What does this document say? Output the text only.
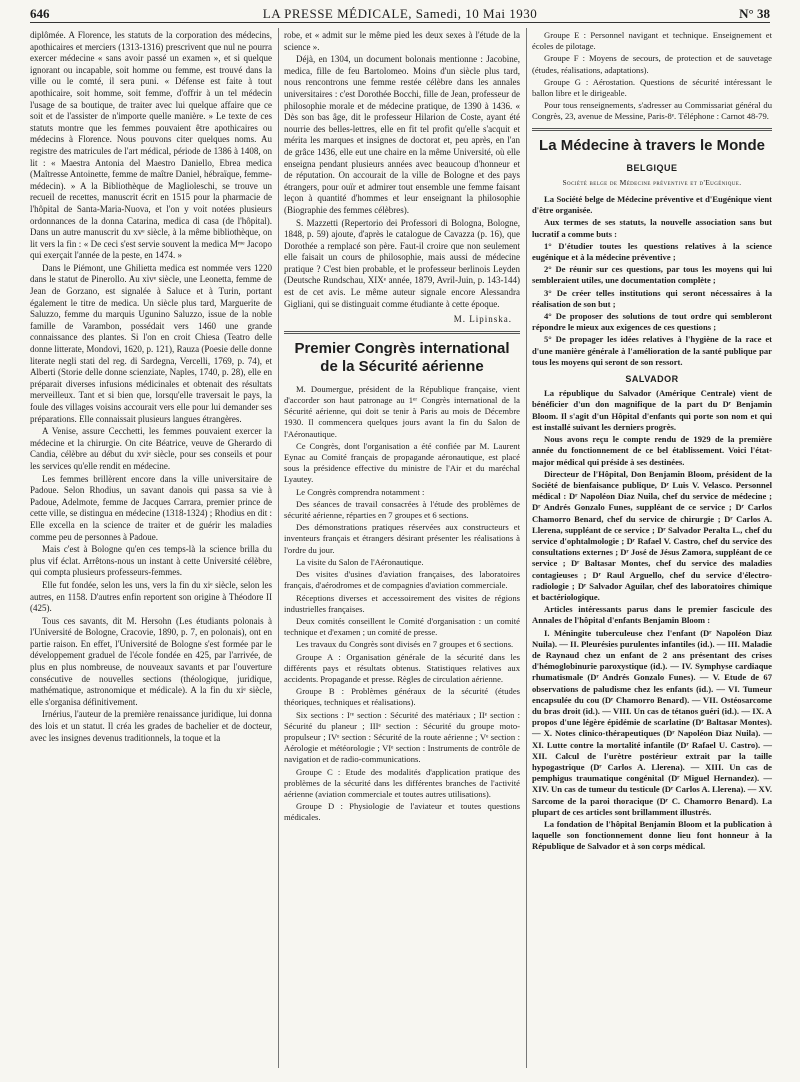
646	LA PRESSE MÉDICALE, Samedi, 10 Mai 1930	N° 38

diplômée. A Florence, les statuts de la corporation des médecins, apothicaires et merciers (1313-1316) prescrivent que nul ne pourra exercer médecine « sans avoir passé un examen », et si quelque ignorant ou incapable, soit homme ou femme, est trouvé dans la ville ou le comté, il sera puni. « Défense est faite à tout apothicaire, soit homme, soit femme, d'offrir à un tel médecin l'usage de sa boutique, de traiter avec lui quelque affaire que ce soit et de l'assister de n'importe quelle manière. » Le texte de ces statuts montre que les femmes pouvaient être apothicaires ou médecins à Florence. Nous pouvons citer quelques noms. Au registre des matricules de l'art médical, période de 1386 à 1408, on lit : « Maestra Antonia del Maestro Daniello, Ebrea medica (Maîtresse Antoinette, femme de maître Daniel, hébraïque, femme-médecin). » A la Bibliothèque de Maglioleschi, se trouve un recueil de recettes, manuscrit écrit en 1515 pour la pharmacie de l'hôpital de Santa-Maria-Nuova, et l'on y voit notées plusieurs ordonnances de la donna Catarina, medica di casa (de l'hôpital). Dans un autre manuscrit du xvᵉ siècle, à la même bibliothèque, on lit vers la fin : « De ceci s'est servie souvent la medica Mᵐᵉ Jacopo qui exerçait l'année de la peste, en 1474. »

Dans le Piémont, une Ghilietta medica est nommée vers 1220 dans le statut de Pinerollo. Au xivᵉ siècle, une Leonetta, femme de Jean de Gorzano, est signalée à Saluce et à Turin, portant également le titre de medica. Un siècle plus tard, Marguerite de Saluzzo, femme du marquis Ugunino Saluzzo, issue de la noble famille de Varambon, possédait vers 1460 une grande connaissance des plantes. Si l'on en croit Chiesa (Teatro delle donne litterate, Mondovi, 1620, p. 121), Rauza (Poesie delle donne literate negli stati del reg. di Sardegna, Vercelli, 1769, p. 74), et Alberti (Storie delle donne scienziate, Naples, 1740, p. 28), elle en préparait diverses infusions médicinales et obtenait des résultats merveilleux. Tant et si bien que, lorsqu'elle traversait le pays, la foule des villages voisins accourait vers elle pour lui demander ses préparations. Elle connaissait plusieurs langues étrangères.

A Venise, assure Cecchetti, les femmes pouvaient exercer la médecine et la chirurgie. On cite Béatrice, veuve de Gherardo di Candia, célèbre au début du xviᵉ siècle, pour ses conseils et pour les services qu'elle rendit en médecine.

Les femmes brillèrent encore dans la ville universitaire de Padoue. Selon Rhodius, un savant danois qui passa sa vie à Padoue, Adelmote, femme de Jacques Carrara, premier prince de cette ville, se distingua en médecine (1318-1324) ; Rhodius en dit : Elle excella en la science de traiter et de guérir les maladies comme peu de personnes à Padoue.

Mais c'est à Bologne qu'en ces temps-là la science brilla du plus vif éclat. Arrêtons-nous un instant à cette Université célèbre, qui compta plusieurs professeurs-femmes.

Elle fut fondée, selon les uns, vers la fin du xiᵉ siècle, selon les autres, en 1158. D'autres enfin reportent son origine à Théodore II (425).

Tous ces savants, dit M. Hersohn (Les étudiants polonais à l'Université de Bologne, Cracovie, 1890, p. 7, en polonais), ont en partie raison. En effet, l'Université de Bologne s'est formée par le développement graduel de l'école fondée en 425, par l'arrivée, de plus en plus nombreuse, de nouveaux savants et par l'ouverture consécutive de nouvelles sections (théologique, juridique, mathématique, astronomique et médicale). A la fin du xiᵉ siècle, elle s'organisa définitivement.

Irnérius, l'auteur de la première renaissance juridique, lui donna des lois et un statut. Il créa les grades de bachelier et de docteur, avec les insignes devenus traditionnels, la toque et la

robe, et « admit sur le même pied les deux sexes à l'étude de la science ».

Déjà, en 1304, un document bolonais mentionne : Jacobine, medica, fille de feu Bartolomeo. Moins d'un siècle plus tard, nous rencontrons une femme restée célèbre dans les annales universitaires : c'est Dorothée Bocchi, fille de Jean, professeur de philosophie morale et de médecine pratique, de 1390 à 1436. « Dès son bas âge, dit le professeur Hilarion de Coste, ayant été nourrie des belles-lettres, elle en fit tel profit qu'elle s'acquit et mérita les marques et insignes de doctorat et, peu après, en l'an de grâce 1436, elle eut une chaire en la même Université, où elle enseigna pendant plusieurs années avec beaucoup d'honneur et de réputation. On accourait de la ville de Bologne et des pays étrangers, pour ouïr et admirer tout ensemble une femme faisant leçon à quantité d'hommes et leur enseignant la philosophie (Biographie des femmes célèbres).

S. Mazzetti (Repertorio dei Professori di Bologna, Bologne, 1848, p. 59) ajoute, d'après le catalogue de Cavazza (p. 16), que Dorothée a remplacé son père. Faut-il croire que non seulement elle faisait un cours de philosophie, mais aussi de médecine pratique ? C'est bien probable, et le professeur berlinois Leyden (Deutsche Rundschau, XIXᵉ année, 1879, Avril-Juin, p. 143-144) est de cet avis. Le même auteur signale encore Alessandra Gigliani, qui se distinguait comme étudiante à cette époque.

M. Lipinska.
Premier Congrès international de la Sécurité aérienne

M. Doumergue, président de la République française, vient d'accorder son haut patronage au 1ᵉʳ Congrès international de la Sécurité aérienne, qui doit se tenir à Paris au mois de Décembre 1930. Il commencera quelques jours avant la fin du Salon de l'Aéronautique.

Ce Congrès, dont l'organisation a été confiée par M. Laurent Eynac au Comité français de propagande aéronautique, est placé sous la présidence effective du ministre de l'Air et du maréchal Lyautey.

Le Congrès comprendra notamment :

Des séances de travail consacrées à l'étude des problèmes de sécurité aérienne, réparties en 7 groupes et 6 sections.

Des démonstrations pratiques réservées aux constructeurs et inventeurs français et étrangers désirant présenter les réalisations à l'ordre du jour.

La visite du Salon de l'Aéronautique.

Des visites d'usines d'aviation françaises, des laboratoires français, d'aérodromes et de compagnies d'aviation commerciale.

Réceptions diverses et accessoirement des visites de régions industrielles françaises.

Deux comités conseillent le Comité d'organisation : un comité technique et d'examen ; un comité de presse.

Les travaux du Congrès sont divisés en 7 groupes et 6 sections.

Groupe A : Organisation générale de la sécurité dans les différents pays et résultats obtenus. Statistiques relatives aux accidents. Propagande et presse. Règles de circulation aérienne.

Groupe B : Problèmes généraux de la sécurité (études théoriques, techniques et réalisations).

Six sections : Iʳᵉ section : Sécurité des matériaux ; IIᵉ section : Sécurité du planeur ; IIIᵉ section : Sécurité du groupe moto-propulseur ; IVᵉ section : Sécurité de la route aérienne ; Vᵉ section : Aérologie et météorologie ; VIᵉ section : Instruments de contrôle de navigation et de radio-communications.

Groupe C : Etude des modalités d'application pratique des problèmes de la sécurité dans les différentes branches de l'activité aérienne (aviation commerciale et toutes autres utilisations).

Groupe D : Physiologie de l'aviateur et toutes questions médicales.

Groupe E : Personnel navigant et technique. Enseignement et écoles de pilotage.

Groupe F : Moyens de secours, de protection et de sauvetage (études, réalisations, adaptations).

Groupe G : Aérostation. Questions de sécurité intéressant le ballon libre et le dirigeable.

Pour tous renseignements, s'adresser au Commissariat général du Congrès, 23, avenue de Messine, Paris-8ᵉ. Téléphone : Carnot 48-79.

La Médecine à travers le Monde
BELGIQUE
Société belge de Médecine préventive et d'Eugénique.

La Société belge de Médecine préventive et d'Eugénique vient d'être organisée.

Aux termes de ses statuts, la nouvelle association sans but lucratif a comme buts :

1° D'étudier toutes les questions relatives à la science eugénique et à la médecine préventive ;

2° De réunir sur ces questions, par tous les moyens qui lui sembleraient utiles, une documentation complète ;

3° De créer telles institutions qui seront nécessaires à la réalisation de son but ;

4° De proposer des solutions de tout ordre qui sembleront répondre le mieux aux exigences de ces questions ;

5° De propager les idées relatives à l'hygiène de la race et d'une manière générale à l'amélioration de la santé publique par tous les moyens qui seront de son ressort.

SALVADOR

La république du Salvador (Amérique Centrale) vient de bénéficier d'un don magnifique de la part du Dʳ Benjamin Bloom. Il s'agit d'un Hôpital d'enfants qui porte son nom et qui est installé suivant les derniers progrès.

Nous avons reçu le compte rendu de 1929 de la première année du fonctionnement de ce bel établissement. Voici l'état-major médical qui préside à ses destinées.

Directeur de l'Hôpital, Don Benjamin Bloom, président de la Société de bienfaisance publique, Dʳ Luis V. Velasco. Personnel médical : Dʳ Napoléon Diaz Nuila, chef du service de médecine ; Dʳ Andrés Gonzalo Funes, suppléant de ce service ; Dʳ Carlos Chamorro Benard, chef du service de chirurgie ; Dʳ Carlos A. Llerena, suppléant de ce service ; Dʳ Salvador Peralta L., chef du service d'ophtalmologie ; Dʳ Rafael V. Castro, chef du service des consultations externes ; Dʳ José de Jésus Zamora, suppléant de ce service ; Dʳ Baltasar Montes, chef du service des maladies contagieuses ; Dʳ Raul Arguello, chef du service d'électro-radiologie ; Dʳ Salvador Aguilar, chef des laboratoires chimique et bactériologique.

Articles intéressants parus dans le premier fascicule des Annales de l'hôpital d'enfants Benjamin Bloom :

I. Méningite tuberculeuse chez l'enfant (Dʳ Napoléon Diaz Nuila). — II. Pleurésies purulentes infantiles (id.). — III. Maladie de Raynaud chez un enfant de 2 ans présentant des crises d'hémoglobinurie paroxystique (id.). — IV. Symphyse cardiaque rhumatismale (Dʳ Andrés Gonzalo Funes). — V. Etude de 67 observations de paludisme chez les enfants (id.). — VI. Tumeur encapsulée du cou (Dʳ Chamorro Benard). — VII. Ostéosarcome du bras droit (id.). — VIII. Un cas de tétanos guéri (id.). — IX. A propos d'une légère épidémie de scarlatine (Dʳ Baltasar Montes). — X. Notes clinico-thérapeutiques (Dʳ Napoléon Diaz Nuila). — XI. Lutte contre la mortalité infantile (Dʳ Rafael U. Castro). — XII. Calcul de l'urètre postérieur extrait par la taille hypogastrique (Dʳ Carlos A. Llerena). — XIII. Un cas de pemphigus traumatique congénital (Dʳ Miguel Hernandez). — XIV. Un cas de tumeur du testicule (Dʳ Carlos A. Llerena). — XV. Sarcome de la paroi thoracique (Dʳ C. Chamorro Benard). La plupart de ces articles sont brillamment illustrés.

La fondation de l'hôpital Benjamin Bloom et la publication à laquelle son fonctionnement donne lieu font honneur à la République de Salvador et à son corps médical.
